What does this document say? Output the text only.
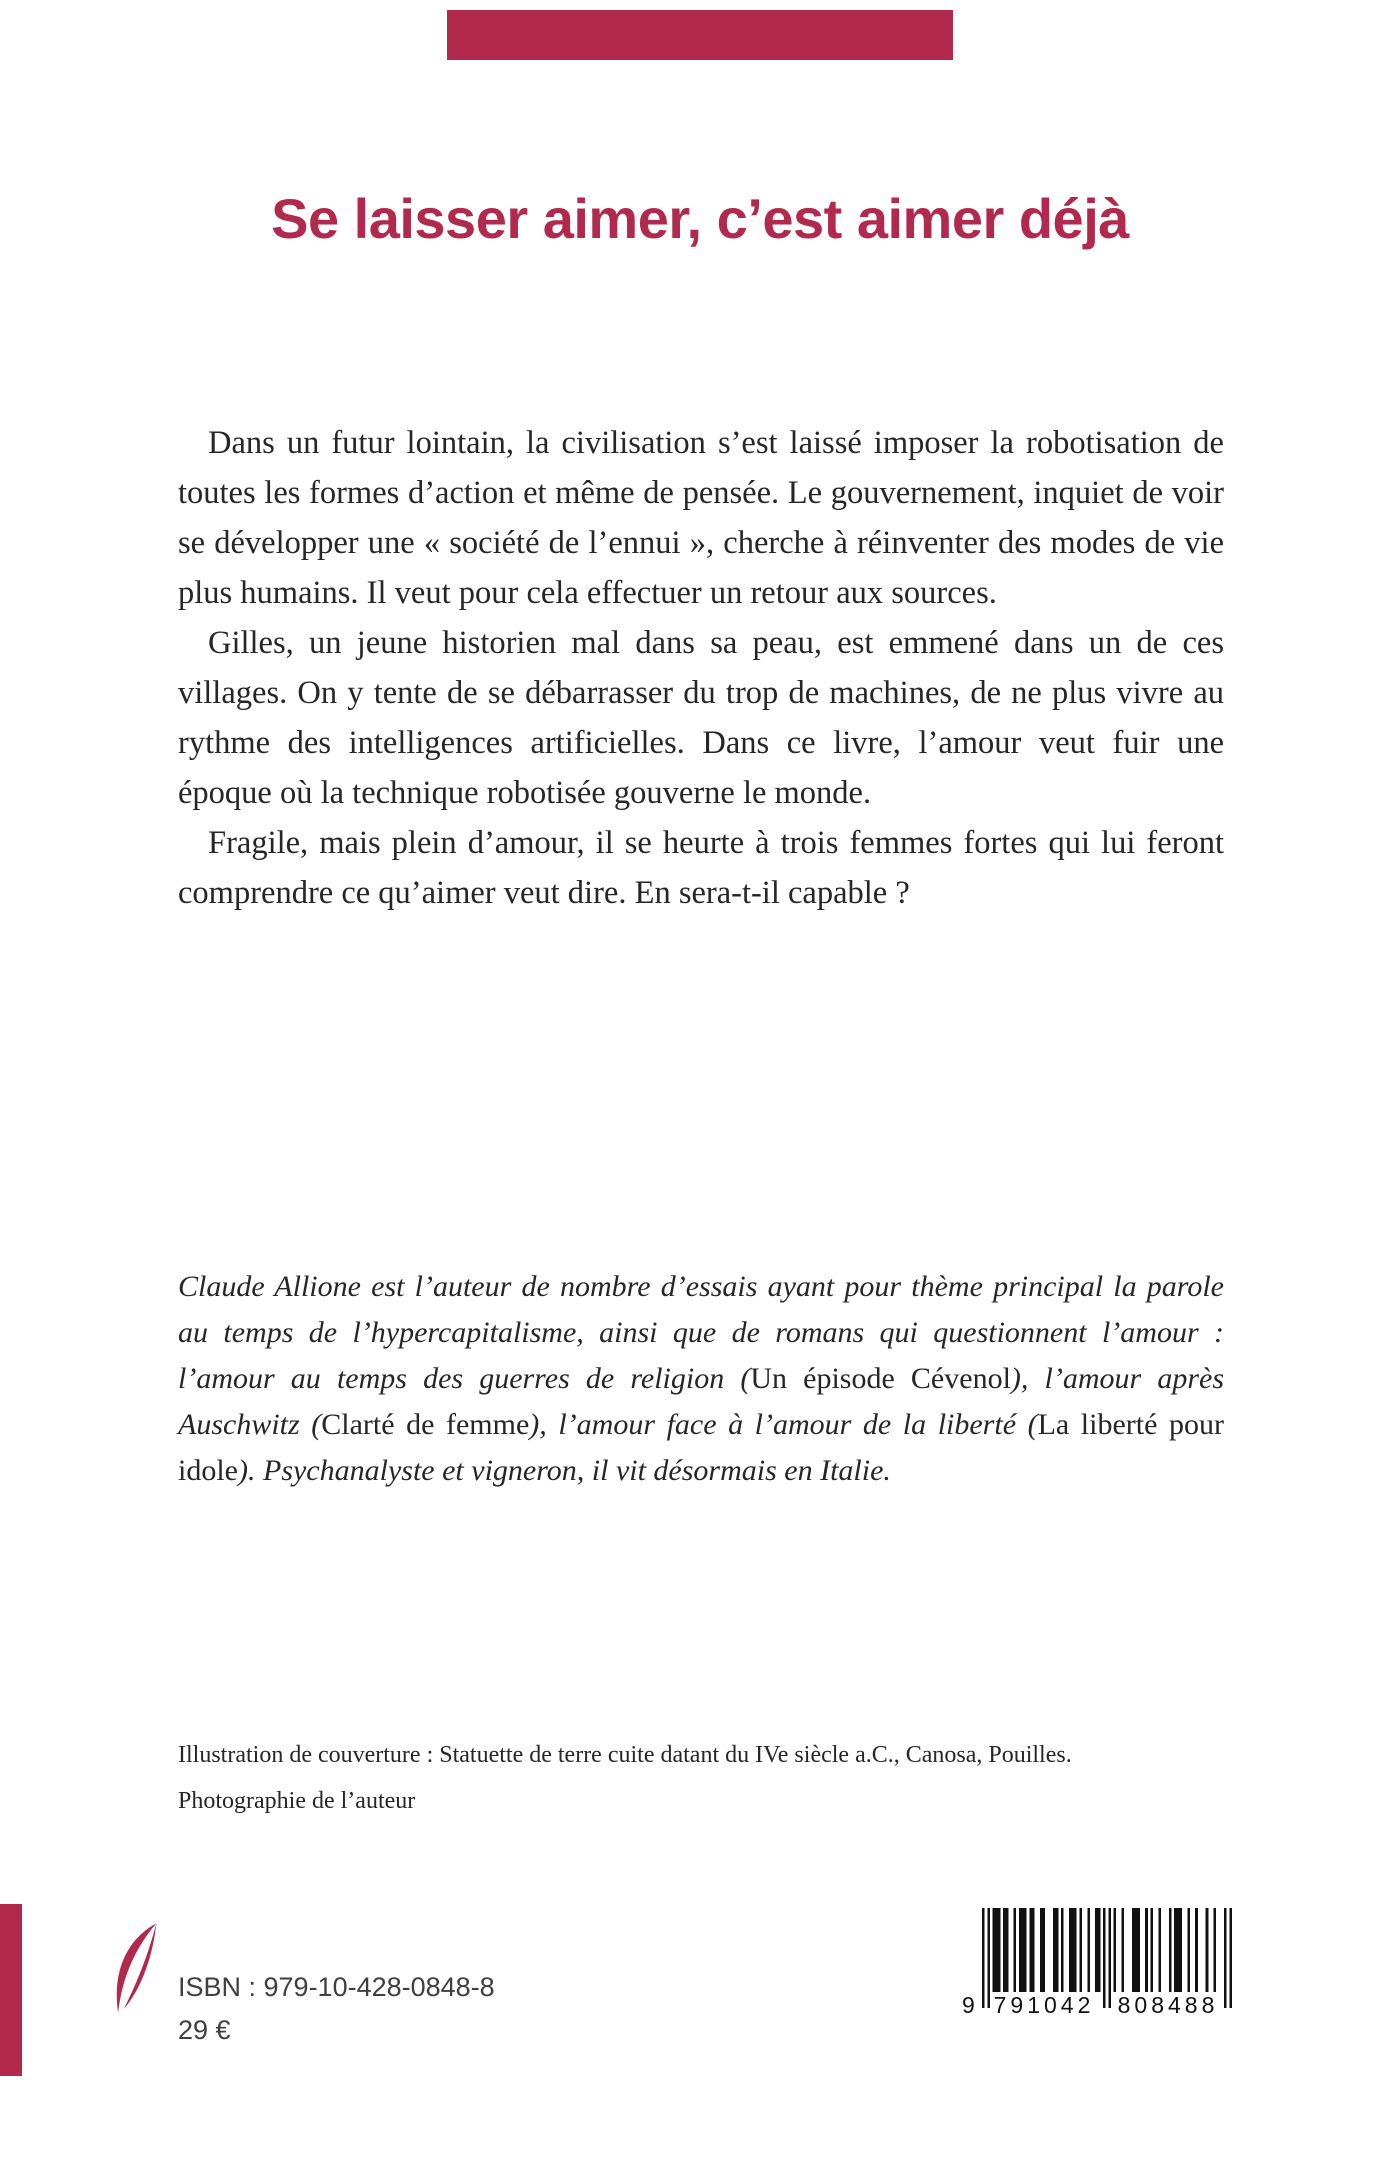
Se laisser aimer, c’est aimer déjà

Dans un futur lointain, la civilisation s’est laissé imposer la robotisation de toutes les formes d’action et même de pensée. Le gouvernement, inquiet de voir se développer une « société de l’ennui », cherche à réinventer des modes de vie plus humains. Il veut pour cela effectuer un retour aux sources.

Gilles, un jeune historien mal dans sa peau, est emmené dans un de ces villages. On y tente de se débarrasser du trop de machines, de ne plus vivre au rythme des intelligences artificielles. Dans ce livre, l’amour veut fuir une époque où la technique robotisée gouverne le monde.

Fragile, mais plein d’amour, il se heurte à trois femmes fortes qui lui feront comprendre ce qu’aimer veut dire. En sera-t-il capable ?

Claude Allione est l’auteur de nombre d’essais ayant pour thème principal la parole au temps de l’hypercapitalisme, ainsi que de romans qui questionnent l’amour : l’amour au temps des guerres de religion (Un épisode Cévenol), l’amour après Auschwitz (Clarté de femme), l’amour face à l’amour de la liberté (La liberté pour idole). Psychanalyste et vigneron, il vit désormais en Italie.

Illustration de couverture : Statuette de terre cuite datant du IVe siècle a.C., Canosa, Pouilles.

Photographie de l’auteur

ISBN : 979-10-428-0848-8
29 €
9 791042 808488
